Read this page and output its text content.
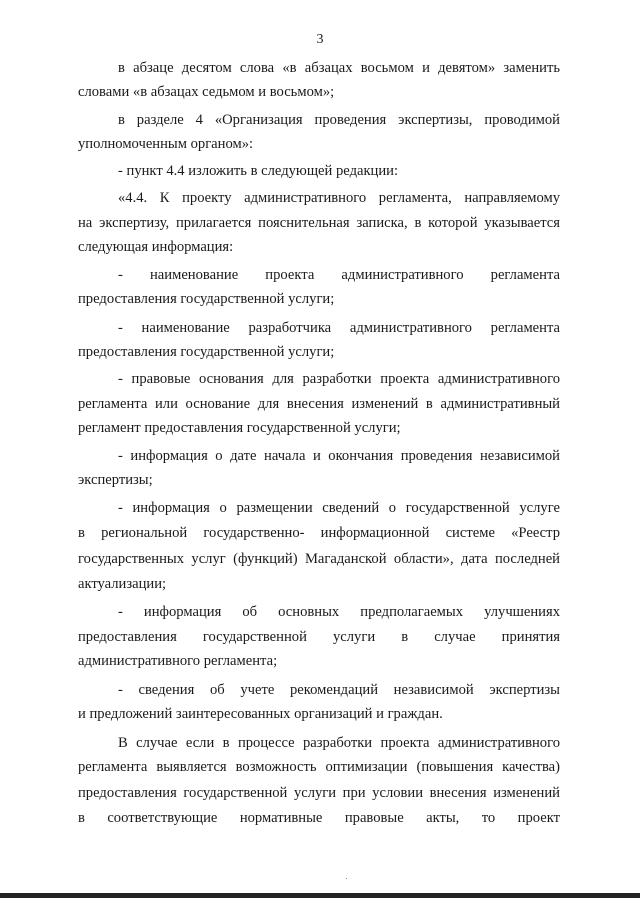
3
в абзаце десятом слова «в абзацах восьмом и девятом» заменить
словами «в абзацах седьмом и восьмом»;
в разделе 4 «Организация проведения экспертизы, проводимой
уполномоченным органом»:
- пункт 4.4 изложить в следующей редакции:
«4.4. К проекту административного регламента, направляемому
на экспертизу, прилагается пояснительная записка, в которой указывается
следующая информация:
- наименование проекта административного регламента
предоставления государственной услуги;
- наименование разработчика административного регламента
предоставления государственной услуги;
- правовые основания для разработки проекта административного
регламента или основание для внесения изменений в административный
регламент предоставления государственной услуги;
- информация о дате начала и окончания проведения независимой
экспертизы;
- информация о размещении сведений о государственной услуге
в региональной государственно- информационной системе «Реестр
государственных услуг (функций) Магаданской области», дата последней
актуализации;
- информация об основных предполагаемых улучшениях
предоставления государственной услуги в случае принятия
административного регламента;
- сведения об учете рекомендаций независимой экспертизы
и предложений заинтересованных организаций и граждан.
В случае если в процессе разработки проекта административного
регламента выявляется возможность оптимизации (повышения качества)
предоставления государственной услуги при условии внесения изменений
в соответствующие нормативные правовые акты, то проект
